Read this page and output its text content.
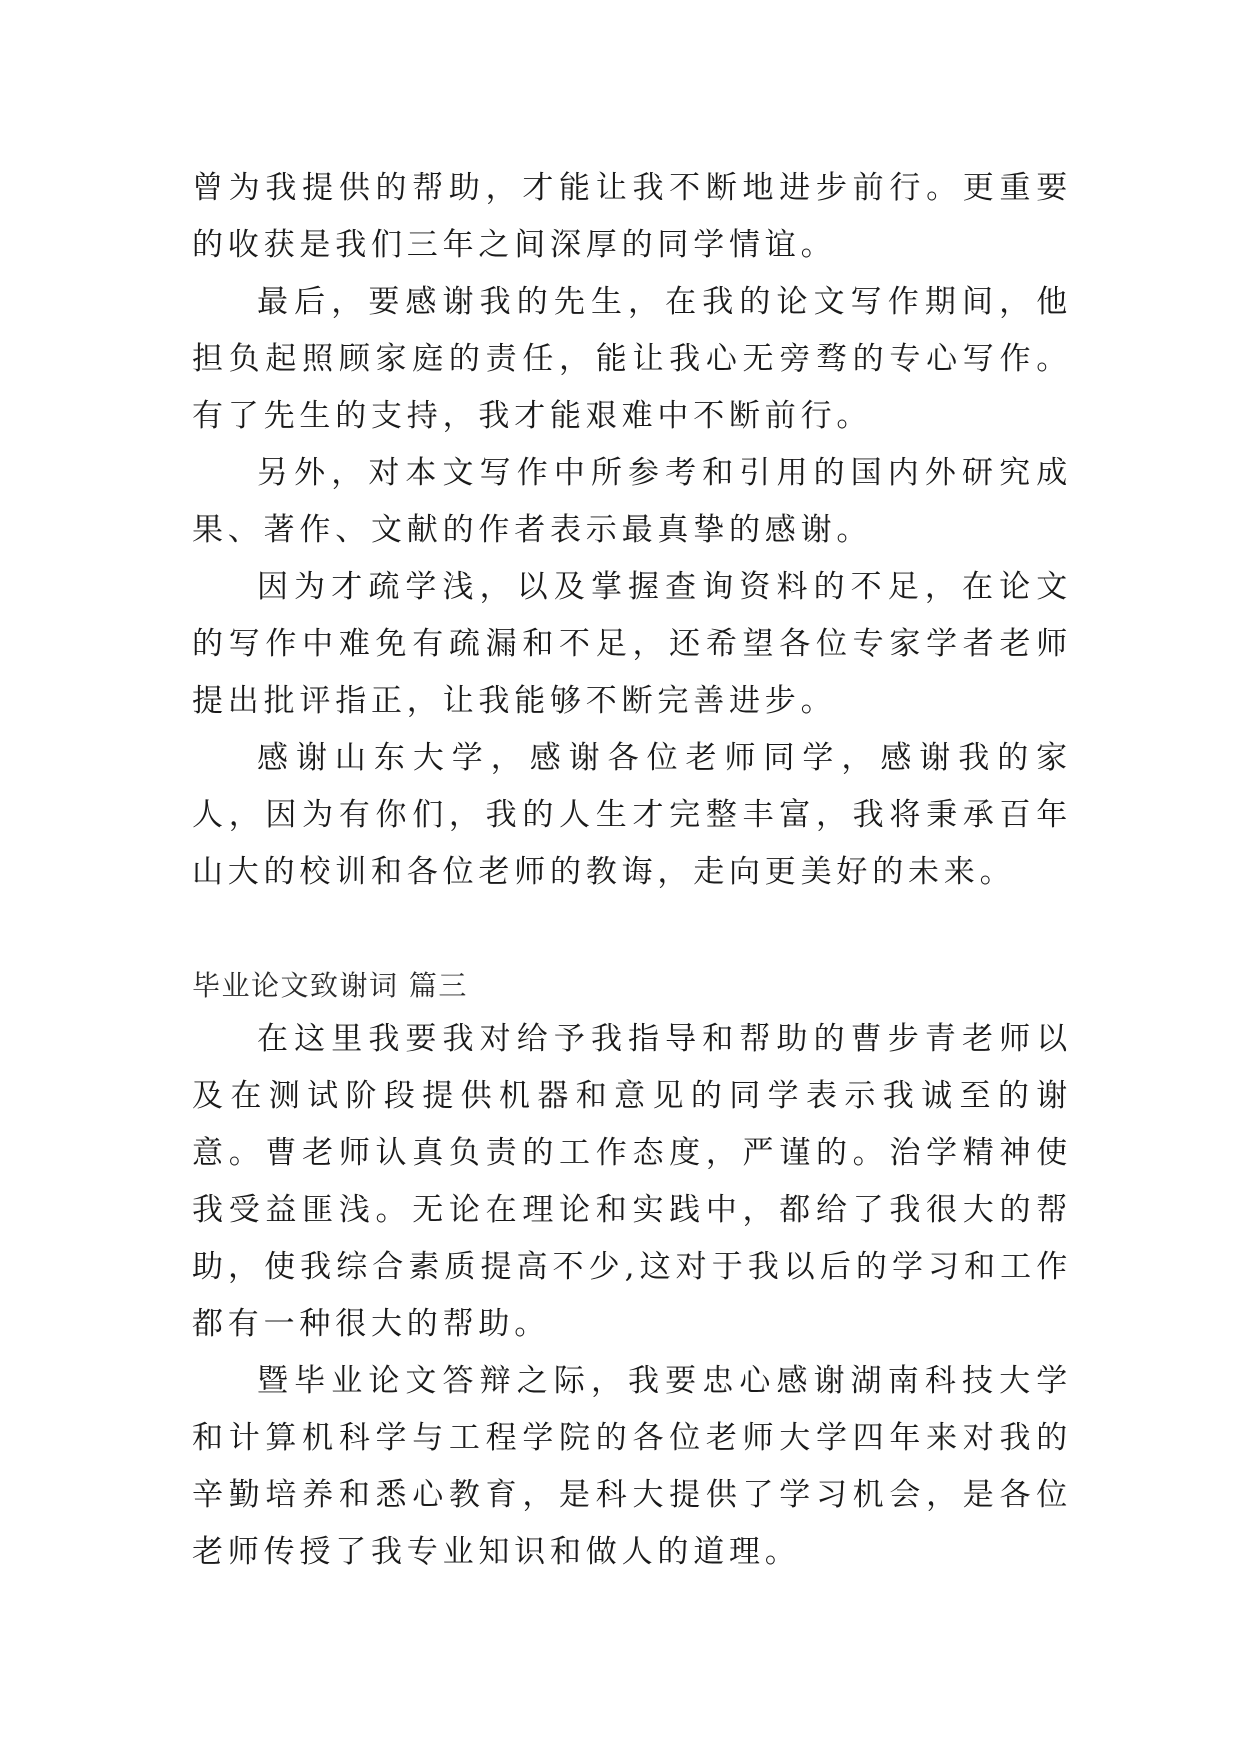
曾为我提供的帮助，才能让我不断地进步前行。更重要的收获是我们三年之间深厚的同学情谊。

最后，要感谢我的先生，在我的论文写作期间，他担负起照顾家庭的责任，能让我心无旁骛的专心写作。有了先生的支持，我才能艰难中不断前行。

另外，对本文写作中所参考和引用的国内外研究成果、著作、文献的作者表示最真挚的感谢。

因为才疏学浅，以及掌握查询资料的不足，在论文的写作中难免有疏漏和不足，还希望各位专家学者老师提出批评指正，让我能够不断完善进步。

感谢山东大学，感谢各位老师同学，感谢我的家人，因为有你们，我的人生才完整丰富，我将秉承百年山大的校训和各位老师的教诲，走向更美好的未来。

毕业论文致谢词 篇三

在这里我要我对给予我指导和帮助的曹步青老师以及在测试阶段提供机器和意见的同学表示我诚至的谢意。曹老师认真负责的工作态度，严谨的。治学精神使我受益匪浅。无论在理论和实践中，都给了我很大的帮助，使我综合素质提高不少,这对于我以后的学习和工作都有一种很大的帮助。

暨毕业论文答辩之际，我要忠心感谢湖南科技大学和计算机科学与工程学院的各位老师大学四年来对我的辛勤培养和悉心教育，是科大提供了学习机会，是各位老师传授了我专业知识和做人的道理。
